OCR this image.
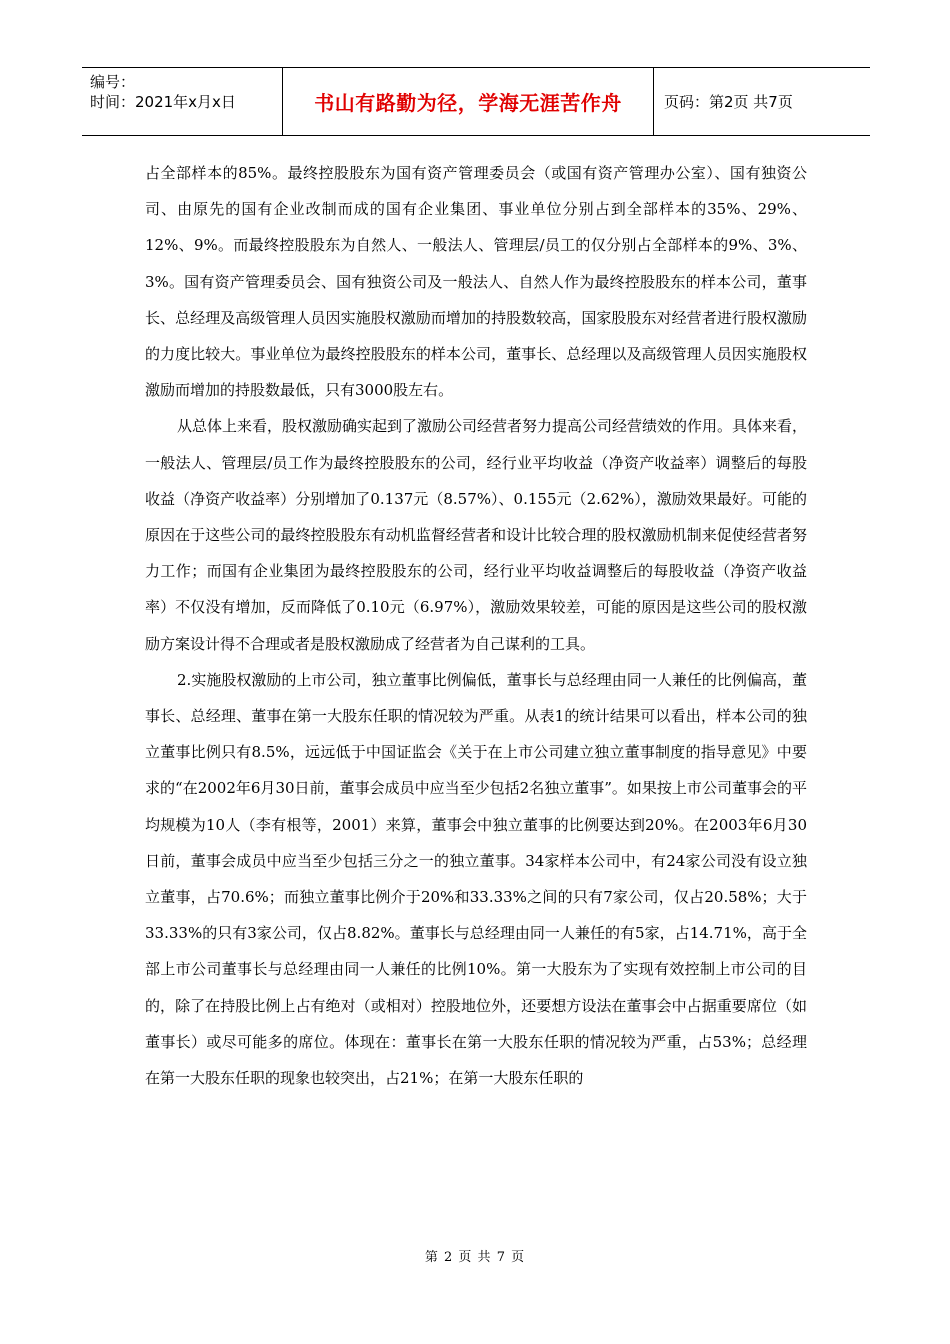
编号：
时间：2021年x月x日	书山有路勤为径，学海无涯苦作舟	页码：第2页 共7页

占全部样本的85%。最终控股股东为国有资产管理委员会（或国有资产管理办公室）、国有独资公司、由原先的国有企业改制而成的国有企业集团、事业单位分别占到全部样本的35%、29%、12%、9%。而最终控股股东为自然人、一般法人、管理层/员工的仅分别占全部样本的9%、3%、3%。国有资产管理委员会、国有独资公司及一般法人、自然人作为最终控股股东的样本公司，董事长、总经理及高级管理人员因实施股权激励而增加的持股数较高，国家股股东对经营者进行股权激励的力度比较大。事业单位为最终控股股东的样本公司，董事长、总经理以及高级管理人员因实施股权激励而增加的持股数最低，只有3000股左右。

从总体上来看，股权激励确实起到了激励公司经营者努力提高公司经营绩效的作用。具体来看，一般法人、管理层/员工作为最终控股股东的公司，经行业平均收益（净资产收益率）调整后的每股收益（净资产收益率）分别增加了0.137元（8.57%）、0.155元（2.62%），激励效果最好。可能的原因在于这些公司的最终控股股东有动机监督经营者和设计比较合理的股权激励机制来促使经营者努力工作；而国有企业集团为最终控股股东的公司，经行业平均收益调整后的每股收益（净资产收益率）不仅没有增加，反而降低了0.10元（6.97%），激励效果较差，可能的原因是这些公司的股权激励方案设计得不合理或者是股权激励成了经营者为自己谋利的工具。

2.实施股权激励的上市公司，独立董事比例偏低，董事长与总经理由同一人兼任的比例偏高，董事长、总经理、董事在第一大股东任职的情况较为严重。从表1的统计结果可以看出，样本公司的独立董事比例只有8.5%，远远低于中国证监会《关于在上市公司建立独立董事制度的指导意见》中要求的“在2002年6月30日前，董事会成员中应当至少包括2名独立董事”。如果按上市公司董事会的平均规模为10人（李有根等，2001）来算，董事会中独立董事的比例要达到20%。在2003年6月30日前，董事会成员中应当至少包括三分之一的独立董事。34家样本公司中，有24家公司没有设立独立董事，占70.6%；而独立董事比例介于20%和33.33%之间的只有7家公司，仅占20.58%；大于33.33%的只有3家公司，仅占8.82%。董事长与总经理由同一人兼任的有5家，占14.71%，高于全部上市公司董事长与总经理由同一人兼任的比例10%。第一大股东为了实现有效控制上市公司的目的，除了在持股比例上占有绝对（或相对）控股地位外，还要想方设法在董事会中占据重要席位（如董事长）或尽可能多的席位。体现在：董事长在第一大股东任职的情况较为严重，占53%；总经理在第一大股东任职的现象也较突出，占21%；在第一大股东任职的

第 2 页 共 7 页
